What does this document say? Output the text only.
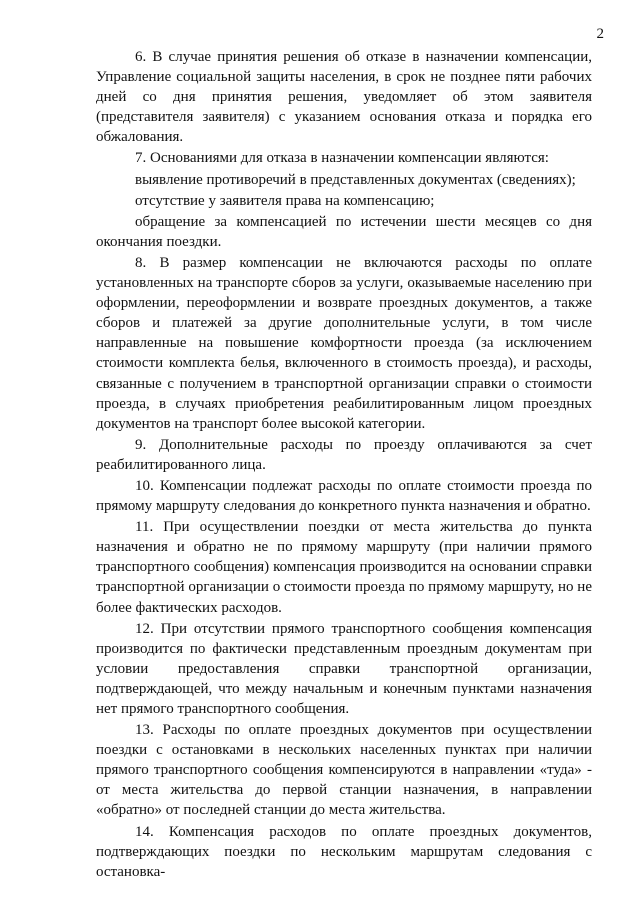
2

6. В случае принятия решения об отказе в назначении компенсации, Управление социальной защиты населения, в срок не позднее пяти рабочих дней со дня принятия решения, уведомляет об этом заявителя (представителя заявителя) с указанием основания отказа и порядка его обжалования.

7. Основаниями для отказа в назначении компенсации являются:

выявление противоречий в представленных документах (сведениях);

отсутствие у заявителя права на компенсацию;

обращение за компенсацией по истечении шести месяцев со дня окончания поездки.

8. В размер компенсации не включаются расходы по оплате установленных на транспорте сборов за услуги, оказываемые населению при оформлении, переоформлении и возврате проездных документов, а также сборов и платежей за другие дополнительные услуги, в том числе направленные на повышение комфортности проезда (за исключением стоимости комплекта белья, включенного в стоимость проезда), и расходы, связанные с получением в транспортной организации справки о стоимости проезда, в случаях приобретения реабилитированным лицом проездных документов на транспорт более высокой категории.

9. Дополнительные расходы по проезду оплачиваются за счет реабилитированного лица.

10. Компенсации подлежат расходы по оплате стоимости проезда по прямому маршруту следования до конкретного пункта назначения и обратно.

11. При осуществлении поездки от места жительства до пункта назначения и обратно не по прямому маршруту (при наличии прямого транспортного сообщения) компенсация производится на основании справки транспортной организации о стоимости проезда по прямому маршруту, но не более фактических расходов.

12. При отсутствии прямого транспортного сообщения компенсация производится по фактически представленным проездным документам при условии предоставления справки транспортной организации, подтверждающей, что между начальным и конечным пунктами назначения нет прямого транспортного сообщения.

13. Расходы по оплате проездных документов при осуществлении поездки с остановками в нескольких населенных пунктах при наличии прямого транспортного сообщения компенсируются в направлении «туда» - от места жительства до первой станции назначения, в направлении «обратно» от последней станции до места жительства.

14. Компенсация расходов по оплате проездных документов, подтверждающих поездки по нескольким маршрутам следования с остановка-
